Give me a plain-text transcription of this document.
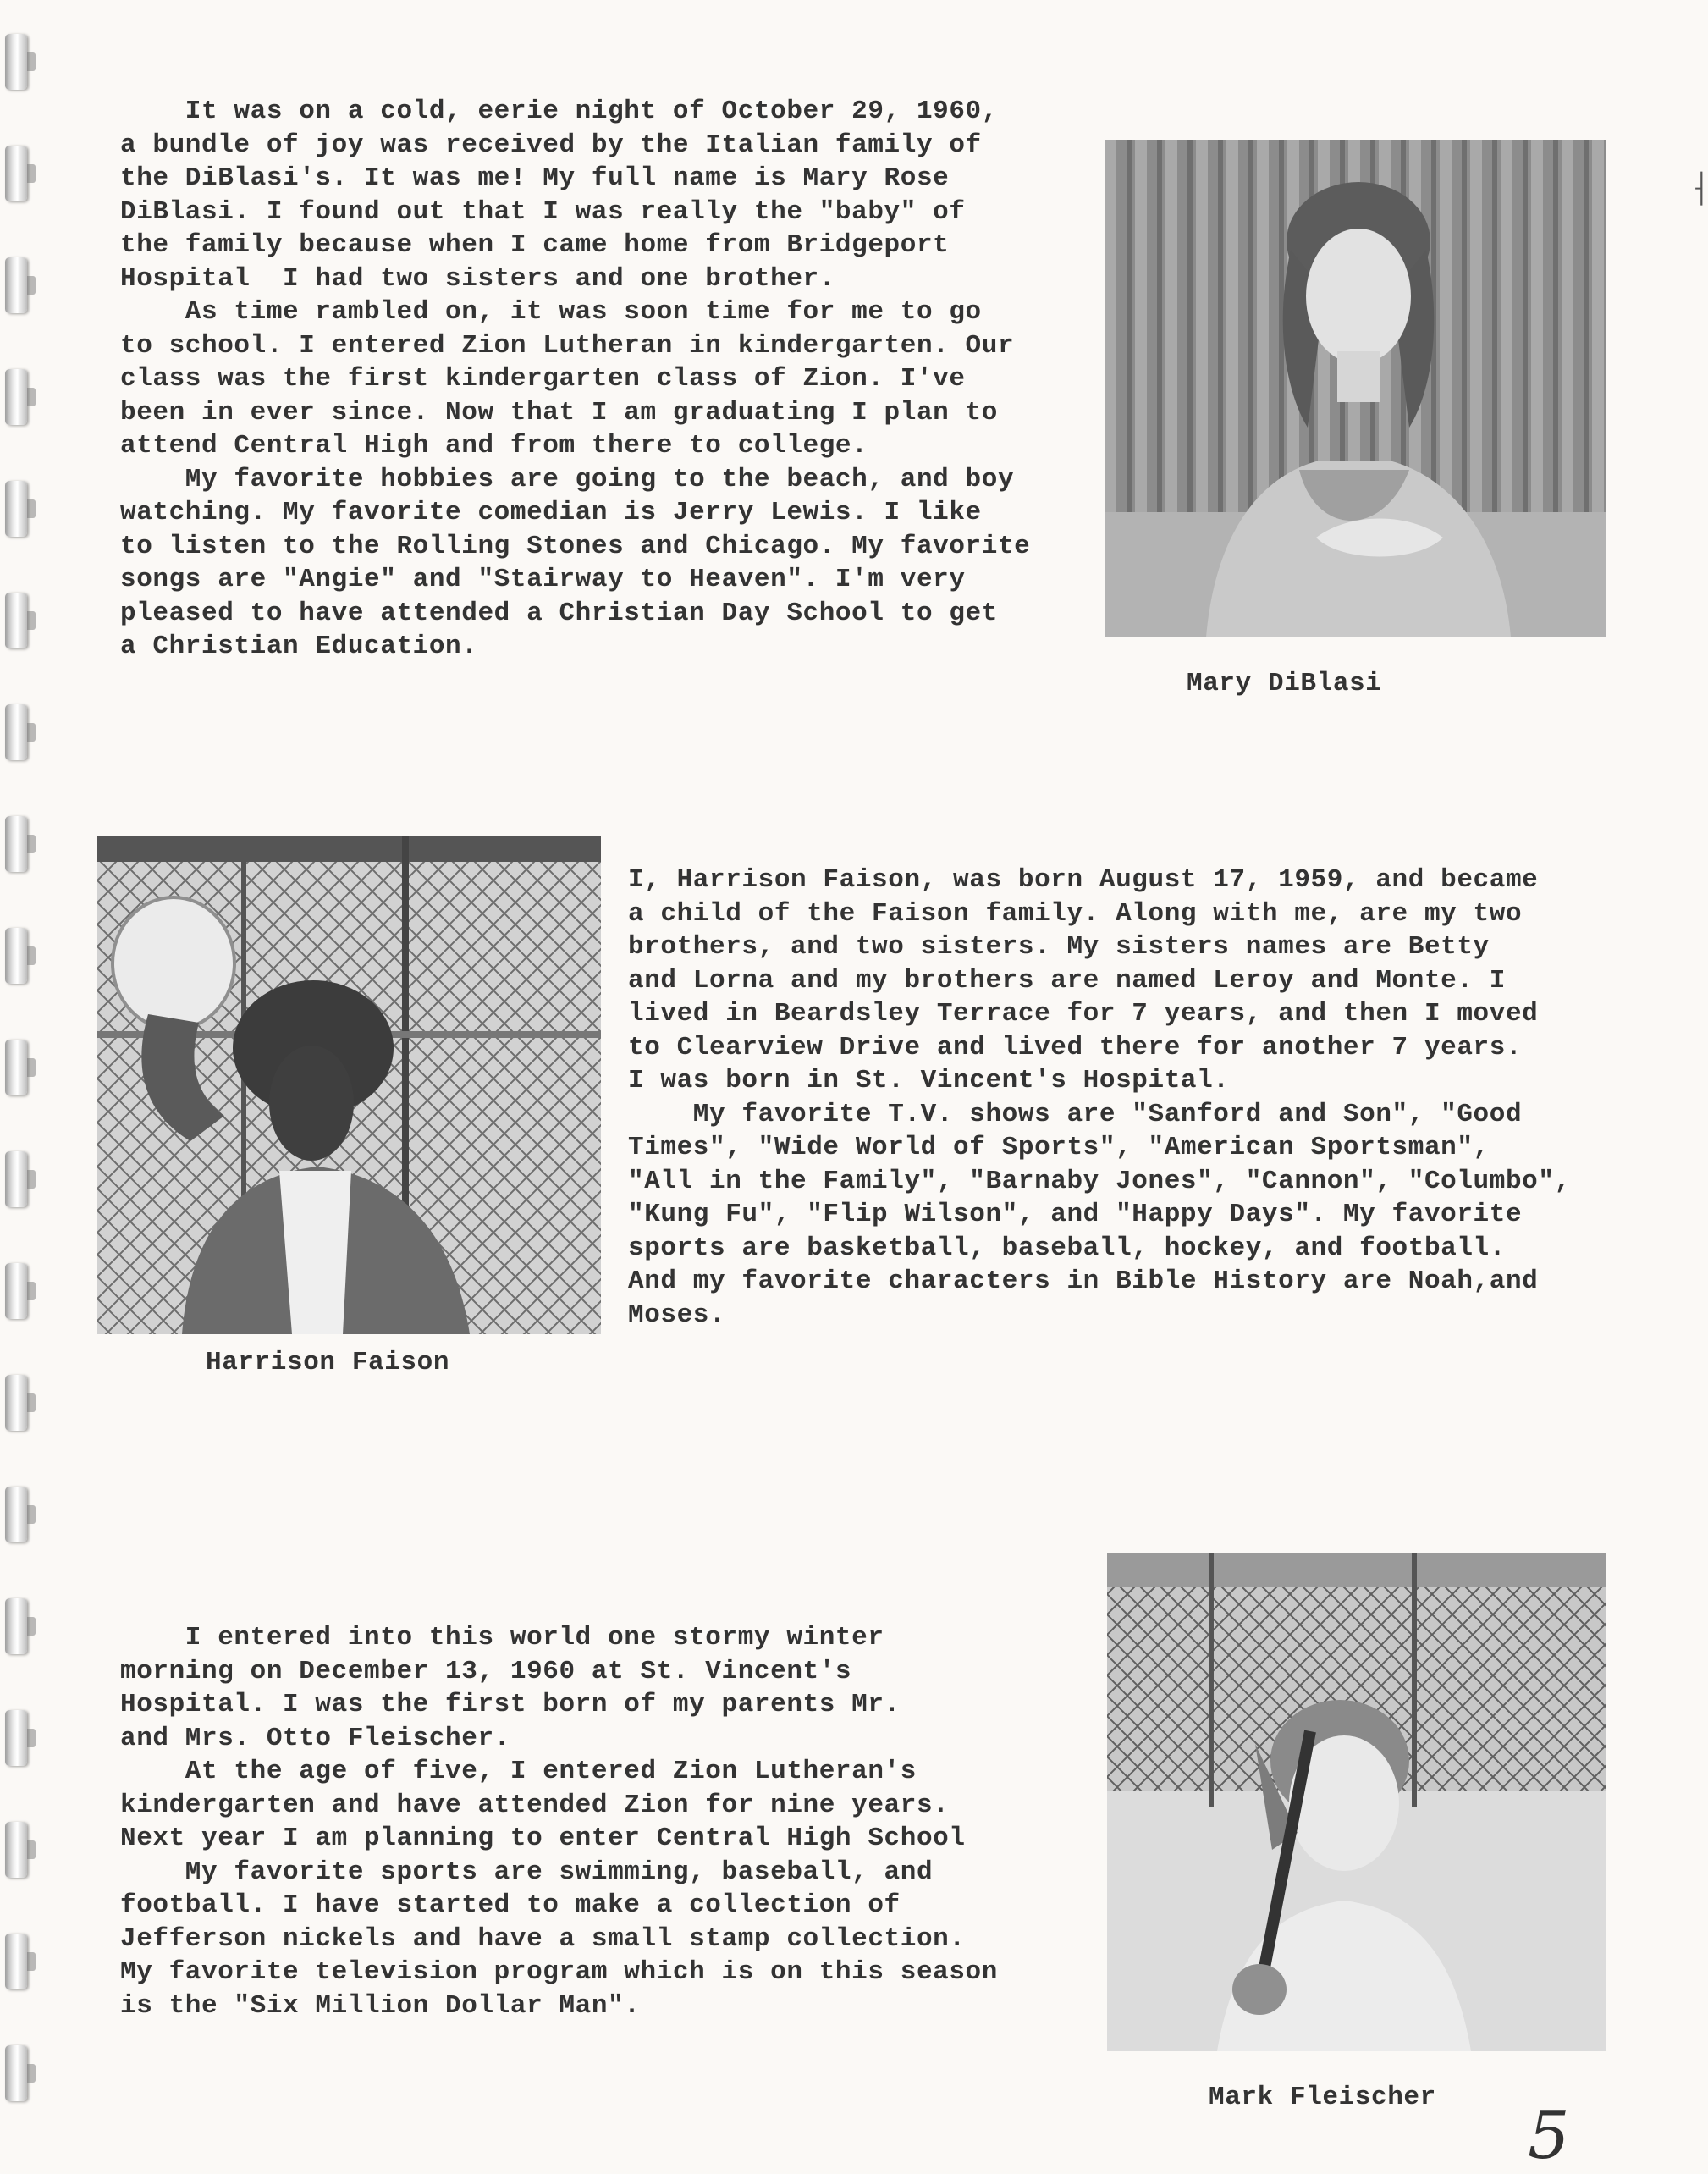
⸡

It was on a cold, eerie night of October 29, 1960,
a bundle of joy was received by the Italian family of
the DiBlasi's. It was me! My full name is Mary Rose
DiBlasi. I found out that I was really the "baby" of
the family because when I came home from Bridgeport
Hospital  I had two sisters and one brother.
As time rambled on, it was soon time for me to go
to school. I entered Zion Lutheran in kindergarten. Our
class was the first kindergarten class of Zion. I've
been in ever since. Now that I am graduating I plan to
attend Central High and from there to college.
My favorite hobbies are going to the beach, and boy
watching. My favorite comedian is Jerry Lewis. I like
to listen to the Rolling Stones and Chicago. My favorite
songs are "Angie" and "Stairway to Heaven". I'm very
pleased to have attended a Christian Day School to get
a Christian Education.

Mary DiBlasi

Harrison Faison

I, Harrison Faison, was born August 17, 1959, and became
a child of the Faison family. Along with me, are my two
brothers, and two sisters. My sisters names are Betty
and Lorna and my brothers are named Leroy and Monte. I
lived in Beardsley Terrace for 7 years, and then I moved
to Clearview Drive and lived there for another 7 years.
I was born in St. Vincent's Hospital.
My favorite T.V. shows are "Sanford and Son", "Good
Times", "Wide World of Sports", "American Sportsman",
"All in the Family", "Barnaby Jones", "Cannon", "Columbo",
"Kung Fu", "Flip Wilson", and "Happy Days". My favorite
sports are basketball, baseball, hockey, and football.
And my favorite characters in Bible History are Noah,and
Moses.

I entered into this world one stormy winter
morning on December 13, 1960 at St. Vincent's
Hospital. I was the first born of my parents Mr.
and Mrs. Otto Fleischer.
At the age of five, I entered Zion Lutheran's
kindergarten and have attended Zion for nine years.
Next year I am planning to enter Central High School
My favorite sports are swimming, baseball, and
football. I have started to make a collection of
Jefferson nickels and have a small stamp collection.
My favorite television program which is on this season
is the "Six Million Dollar Man".

Mark Fleischer

5
